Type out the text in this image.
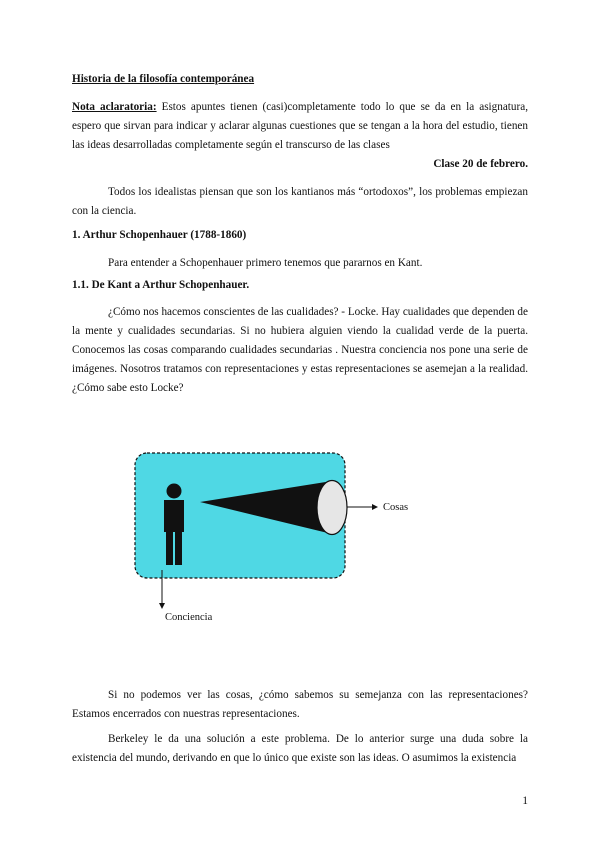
Historia de la filosofía contemporánea

Nota aclaratoria: Estos apuntes tienen (casi)completamente todo lo que se da en la asignatura, espero que sirvan para indicar y aclarar algunas cuestiones que se tengan a la hora del estudio, tienen las ideas desarrolladas completamente según el transcurso de las clases

Clase 20 de febrero.

Todos los idealistas piensan que son los kantianos más “ortodoxos”, los problemas empiezan con la ciencia.

1. Arthur Schopenhauer (1788-1860)

Para entender a Schopenhauer primero tenemos que pararnos en Kant.

1.1. De Kant a Arthur Schopenhauer.

¿Cómo nos hacemos conscientes de las cualidades? - Locke. Hay cualidades que dependen de la mente y cualidades secundarias. Si no hubiera alguien viendo la cualidad verde de la puerta. Conocemos las cosas comparando cualidades secundarias . Nuestra conciencia nos pone una serie de imágenes. Nosotros tratamos con representaciones y estas representaciones se asemejan a la realidad. ¿Cómo sabe esto Locke?

Cosas
Conciencia

Si no podemos ver las cosas, ¿cómo sabemos su semejanza con las representaciones? Estamos encerrados con nuestras representaciones.

Berkeley le da una solución a este problema. De lo anterior surge una duda sobre la existencia del mundo, derivando en que lo único que existe son las ideas. O asumimos la existencia

1
